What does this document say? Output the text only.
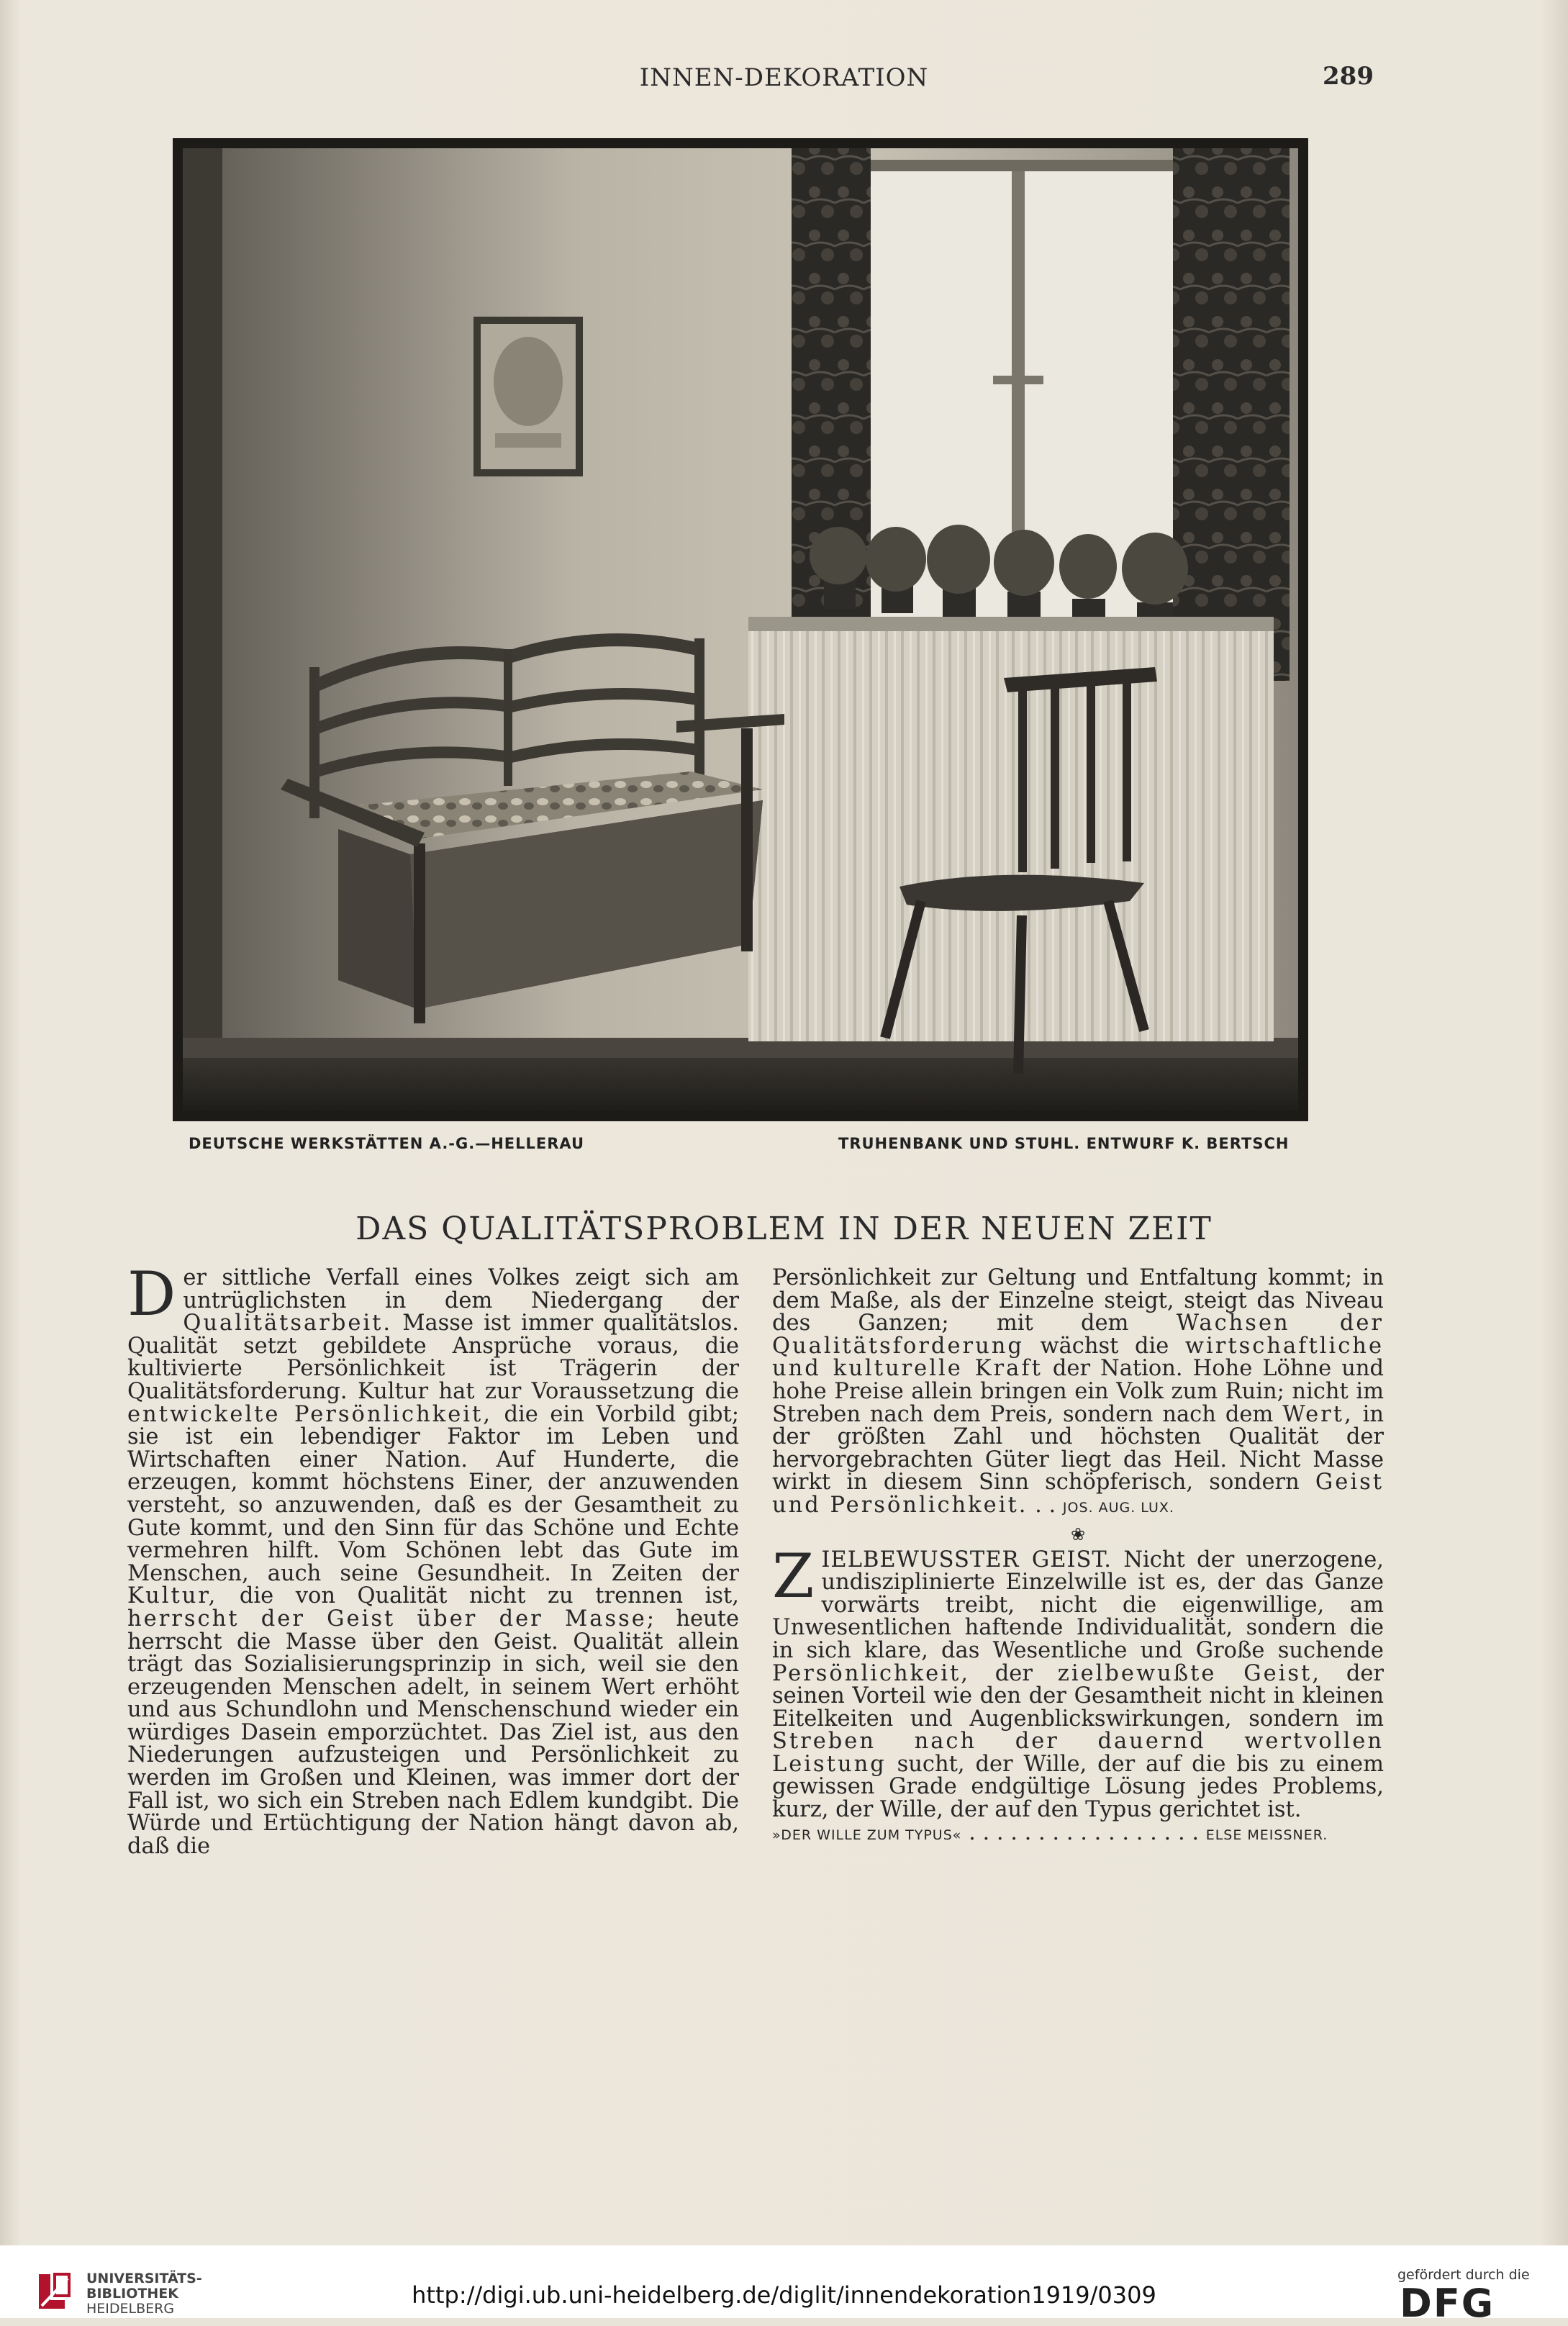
INNEN-DEKORATION	289
DEUTSCHE WERKSTÄTTEN A.-G.—HELLERAU	TRUHENBANK UND STUHL. ENTWURF K. BERTSCH
DAS QUALITÄTSPROBLEM IN DER NEUEN ZEIT

Der sittliche Verfall eines Volkes zeigt sich am untrüglichsten in dem Niedergang der Qualitätsarbeit. Masse ist immer qualitätslos. Qualität setzt gebildete Ansprüche voraus, die kultivierte Persönlichkeit ist Trägerin der Qualitätsforderung. Kultur hat zur Voraussetzung die entwickelte Persönlichkeit, die ein Vorbild gibt; sie ist ein lebendiger Faktor im Leben und Wirtschaften einer Nation. Auf Hunderte, die erzeugen, kommt höchstens Einer, der anzuwenden versteht, so anzuwenden, daß es der Gesamtheit zu Gute kommt, und den Sinn für das Schöne und Echte vermehren hilft. Vom Schönen lebt das Gute im Menschen, auch seine Gesundheit. In Zeiten der Kultur, die von Qualität nicht zu trennen ist, herrscht der Geist über der Masse; heute herrscht die Masse über den Geist. Qualität allein trägt das Sozialisierungsprinzip in sich, weil sie den erzeugenden Menschen adelt, in seinem Wert erhöht und aus Schundlohn und Menschenschund wieder ein würdiges Dasein emporzüchtet. Das Ziel ist, aus den Niederungen aufzusteigen und Persönlichkeit zu werden im Großen und Kleinen, was immer dort der Fall ist, wo sich ein Streben nach Edlem kundgibt. Die Würde und Ertüchtigung der Nation hängt davon ab, daß die

Persönlichkeit zur Geltung und Entfaltung kommt; in dem Maße, als der Einzelne steigt, steigt das Niveau des Ganzen; mit dem Wachsen der Qualitätsforderung wächst die wirtschaftliche und kulturelle Kraft der Nation. Hohe Löhne und hohe Preise allein bringen ein Volk zum Ruin; nicht im Streben nach dem Preis, sondern nach dem Wert, in der größten Zahl und höchsten Qualität der hervorgebrachten Güter liegt das Heil. Nicht Masse wirkt in diesem Sinn schöpferisch, sondern Geist und Persönlichkeit. . . JOS. AUG. LUX.

❀

ZIELBEWUSSTER GEIST. Nicht der unerzogene, undisziplinierte Einzelwille ist es, der das Ganze vorwärts treibt, nicht die eigenwillige, am Unwesentlichen haftende Individualität, sondern die in sich klare, das Wesentliche und Große suchende Persönlichkeit, der zielbewußte Geist, der seinen Vorteil wie den der Gesamtheit nicht in kleinen Eitelkeiten und Augenblickswirkungen, sondern im Streben nach der dauernd wertvollen Leistung sucht, der Wille, der auf die bis zu einem gewissen Grade endgültige Lösung jedes Problems, kurz, der Wille, der auf den Typus gerichtet ist.
»DER WILLE ZUM TYPUS« . . . . . . . . . . . . . . . . . ELSE MEISSNER.

UNIVERSITÄTS-
BIBLIOTHEK
HEIDELBERG	http://digi.ub.uni-heidelberg.de/diglit/innendekoration1919/0309
gefördert durch die
DFG
